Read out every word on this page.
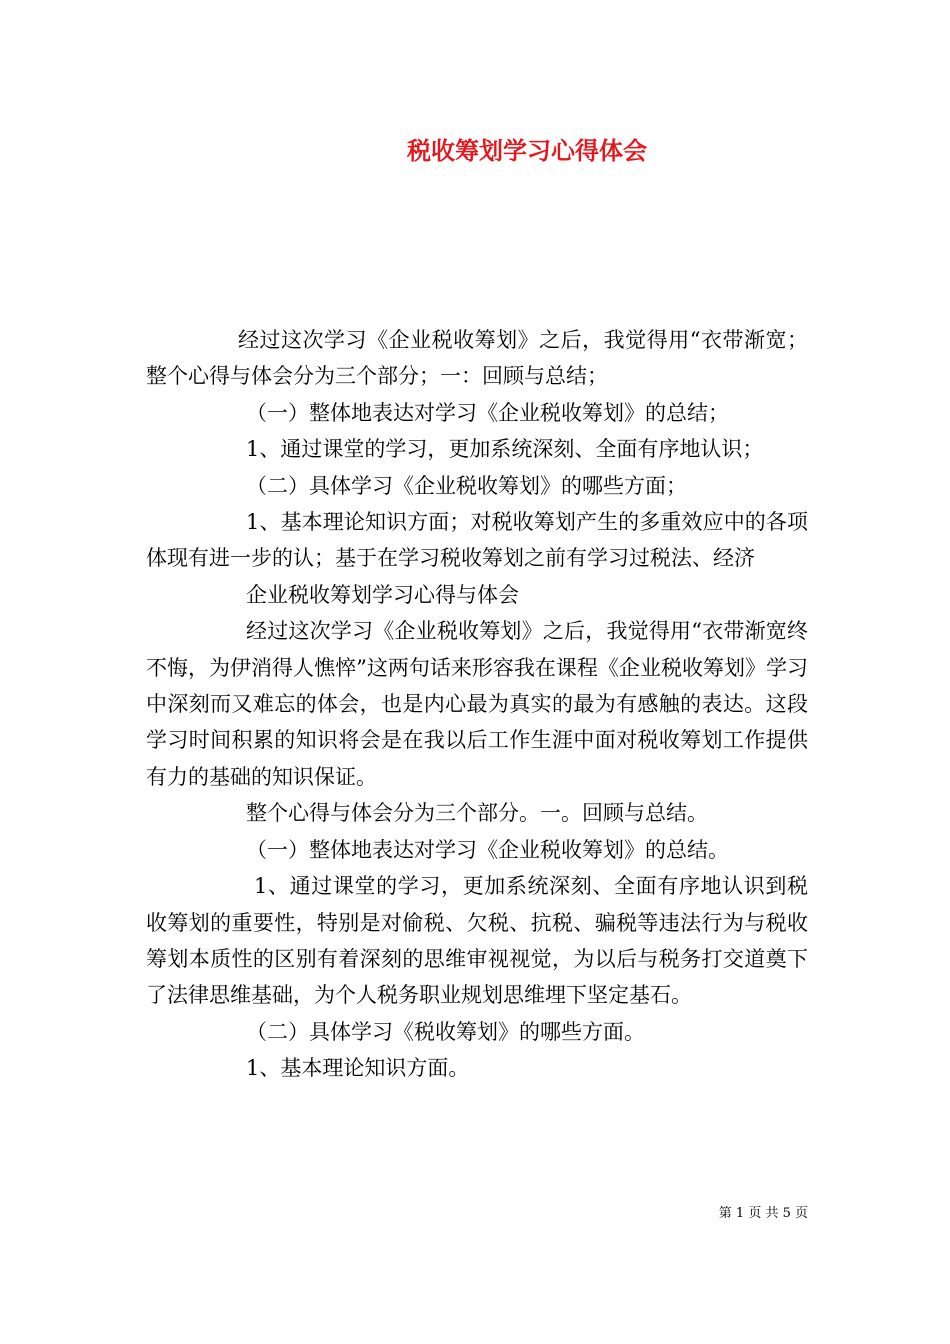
税收筹划学习心得体会

经过这次学习《企业税收筹划》之后，我觉得用“衣带渐宽；整个心得与体会分为三个部分；一：回顾与总结；

（一）整体地表达对学习《企业税收筹划》的总结；

1、通过课堂的学习，更加系统深刻、全面有序地认识；

（二）具体学习《企业税收筹划》的哪些方面；

1、基本理论知识方面；对税收筹划产生的多重效应中的各项体现有进一步的认；基于在学习税收筹划之前有学习过税法、经济

企业税收筹划学习心得与体会

经过这次学习《企业税收筹划》之后，我觉得用“衣带渐宽终不悔，为伊消得人憔悴”这两句话来形容我在课程《企业税收筹划》学习中深刻而又难忘的体会，也是内心最为真实的最为有感触的表达。这段学习时间积累的知识将会是在我以后工作生涯中面对税收筹划工作提供有力的基础的知识保证。

整个心得与体会分为三个部分。一。回顾与总结。

（一）整体地表达对学习《企业税收筹划》的总结。

1、通过课堂的学习，更加系统深刻、全面有序地认识到税收筹划的重要性，特别是对偷税、欠税、抗税、骗税等违法行为与税收筹划本质性的区别有着深刻的思维审视视觉，为以后与税务打交道奠下了法律思维基础，为个人税务职业规划思维埋下坚定基石。

（二）具体学习《税收筹划》的哪些方面。

1、基本理论知识方面。

第 1 页 共 5 页
